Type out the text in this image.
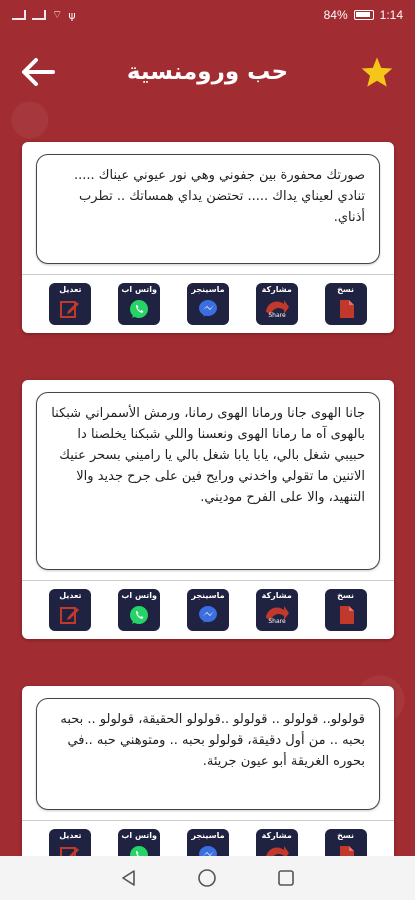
⌔ ψ	84%	1:14
حب ورومنسية
صورتك محفورة بين جفوني وهي نور عيوني عيناك ..... تنادي لعيناي يداك ..... تحتضن يداي همساتك .. تطرب أذناي.
تعديل	واتس اب	ماسينجر	مشاركة
Share
نسخ
جانا الهوى جانا ورمانا الهوى رمانا، ورمش الأسمراني شبكنا بالهوى آه ما رمانا الهوى ونعسنا واللي شبكنا يخلصنا دا حبيبي شغل بالي، يابا يابا شغل بالي يا راميني بسحر عنيك الاتنين ما تقولي واخدني ورايح فين على جرح جديد والا التنهيد، والا على الفرح موديني.
تعديل	واتس اب	ماسينجر	مشاركة
Share
نسخ
قولولو.. قولولو .. قولولو ..قولولو الحقيقة، قولولو .. بحبه بحبه .. من أول دقيقة، قولولو بحبه .. ومتوهني حبه ..في بحوره الغريقة أبو عيون جريئة.
تعديل	واتس اب	ماسينجر	مشاركة	نسخ
